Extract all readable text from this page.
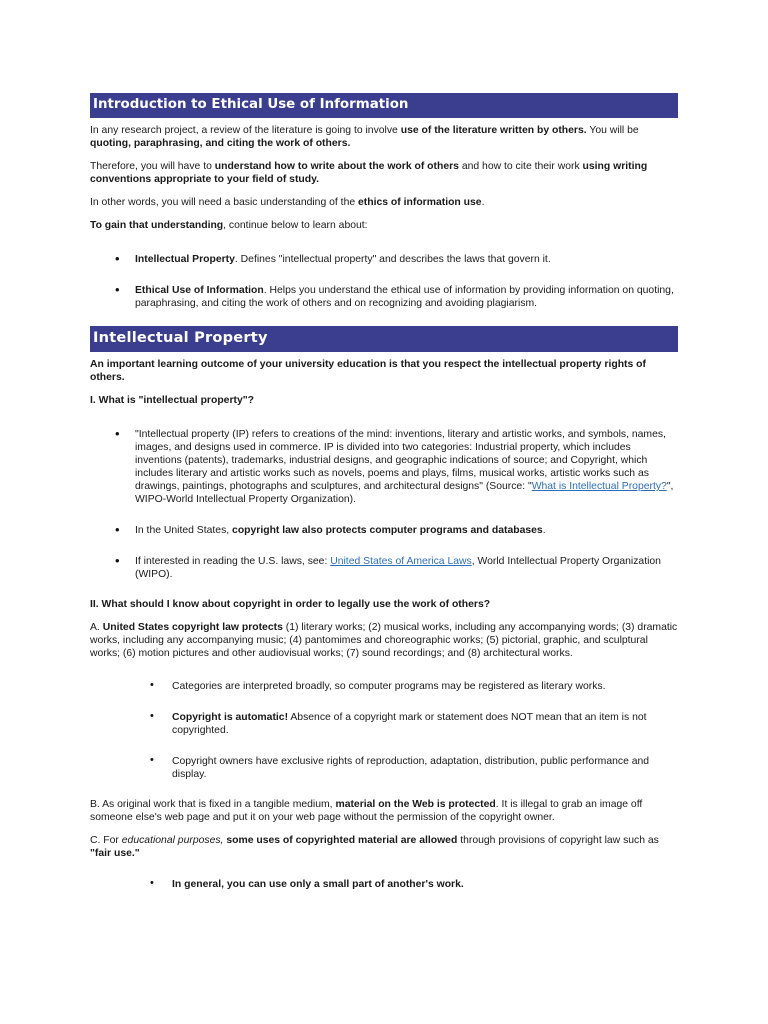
Introduction to Ethical Use of Information

In any research project, a review of the literature is going to involve use of the literature written by others. You will be quoting, paraphrasing, and citing the work of others.

Therefore, you will have to understand how to write about the work of others and how to cite their work using writing conventions appropriate to your field of study.

In other words, you will need a basic understanding of the ethics of information use.

To gain that understanding, continue below to learn about:

• Intellectual Property. Defines "intellectual property" and describes the laws that govern it.
• Ethical Use of Information. Helps you understand the ethical use of information by providing information on quoting, paraphrasing, and citing the work of others and on recognizing and avoiding plagiarism.
Intellectual Property

An important learning outcome of your university education is that you respect the intellectual property rights of others.

I. What is "intellectual property"?

• "Intellectual property (IP) refers to creations of the mind: inventions, literary and artistic works, and symbols, names, images, and designs used in commerce. IP is divided into two categories: Industrial property, which includes inventions (patents), trademarks, industrial designs, and geographic indications of source; and Copyright, which includes literary and artistic works such as novels, poems and plays, films, musical works, artistic works such as drawings, paintings, photographs and sculptures, and architectural designs" (Source: "What is Intellectual Property?", WIPO-World Intellectual Property Organization).
• In the United States, copyright law also protects computer programs and databases.
• If interested in reading the U.S. laws, see: United States of America Laws, World Intellectual Property Organization (WIPO).

II. What should I know about copyright in order to legally use the work of others?

A. United States copyright law protects (1) literary works; (2) musical works, including any accompanying words; (3) dramatic works, including any accompanying music; (4) pantomimes and choreographic works; (5) pictorial, graphic, and sculptural works; (6) motion pictures and other audiovisual works; (7) sound recordings; and (8) architectural works.

• Categories are interpreted broadly, so computer programs may be registered as literary works.
• Copyright is automatic! Absence of a copyright mark or statement does NOT mean that an item is not copyrighted.
• Copyright owners have exclusive rights of reproduction, adaptation, distribution, public performance and display.

B. As original work that is fixed in a tangible medium, material on the Web is protected. It is illegal to grab an image off someone else's web page and put it on your web page without the permission of the copyright owner.

C. For educational purposes, some uses of copyrighted material are allowed through provisions of copyright law such as "fair use."

• In general, you can use only a small part of another's work.
